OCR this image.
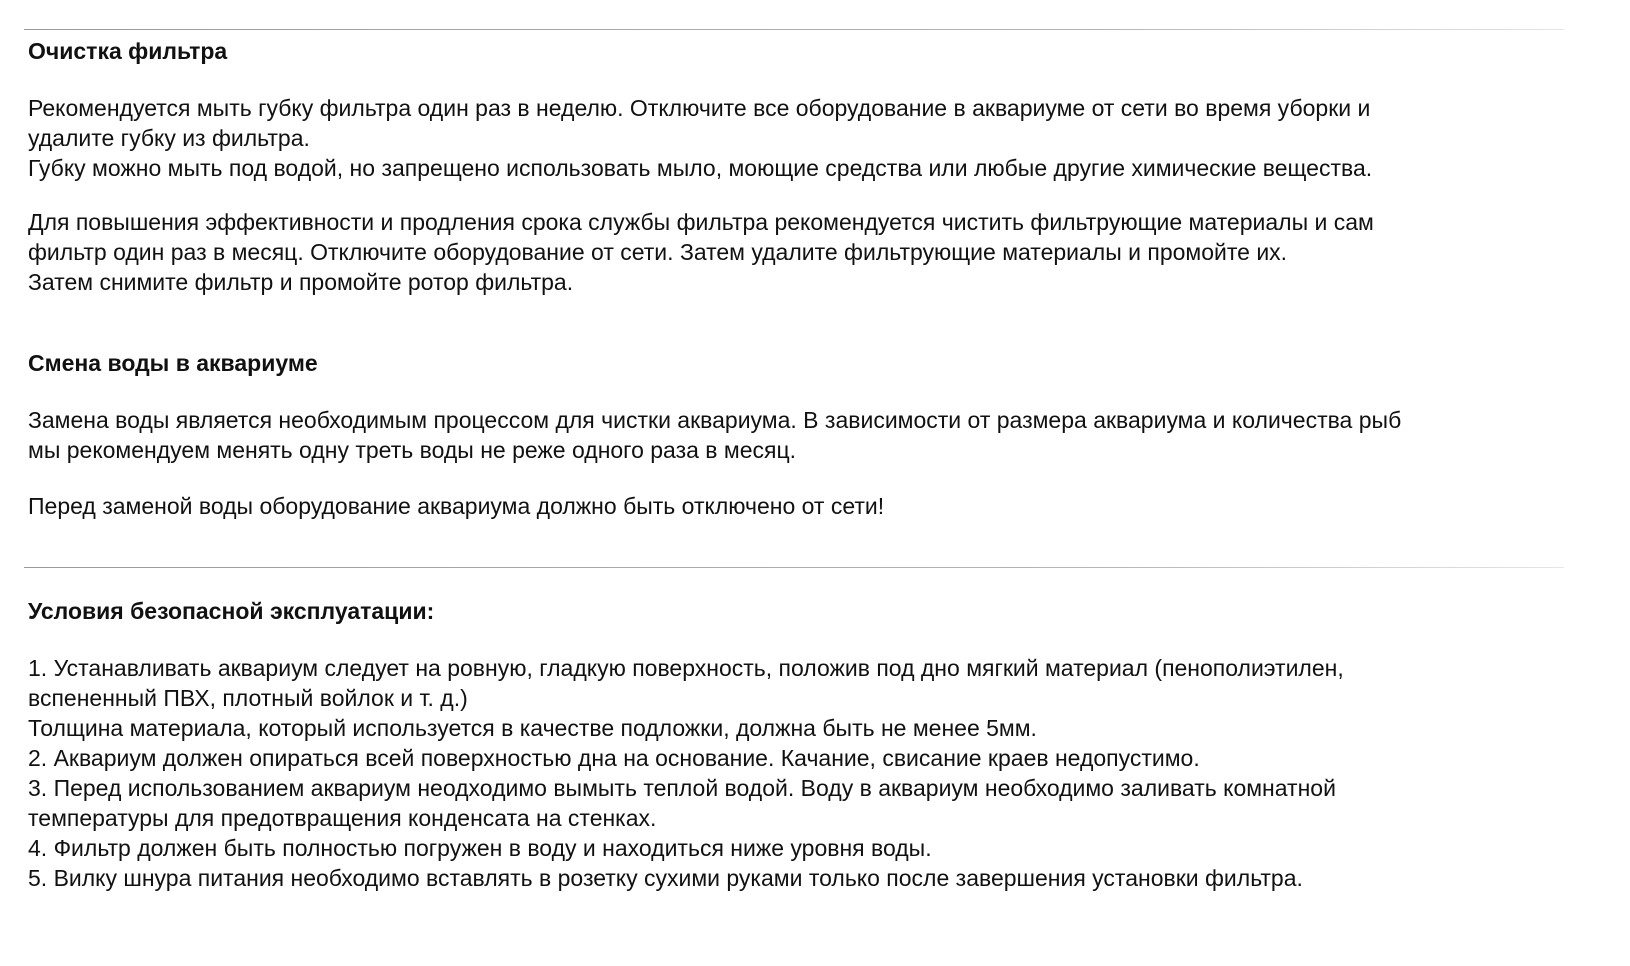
Очистка фильтра
Рекомендуется мыть губку фильтра один раз в неделю. Отключите все оборудование в аквариуме от сети во время уборки и
удалите губку из фильтра.
Губку можно мыть под водой, но запрещено использовать мыло, моющие средства или любые другие химические вещества.
Для повышения эффективности и продления срока службы фильтра рекомендуется чистить фильтрующие материалы и сам
фильтр один раз в месяц. Отключите оборудование от сети. Затем удалите фильтрующие материалы и промойте их.
Затем снимите фильтр и промойте ротор фильтра.
Смена воды в аквариуме
Замена воды является необходимым процессом для чистки аквариума. В зависимости от размера аквариума и количества рыб
мы рекомендуем менять одну треть воды не реже одного раза в месяц.
Перед заменой воды оборудование аквариума должно быть отключено от сети!
Условия безопасной эксплуатации:
1. Устанавливать аквариум следует на ровную, гладкую поверхность, положив под дно мягкий материал (пенополиэтилен,
вспененный ПВХ, плотный войлок и т. д.)
Толщина материала, который используется в качестве подложки, должна быть не менее 5мм.
2. Аквариум должен опираться всей поверхностью дна на основание. Качание, свисание краев недопустимо.
3. Перед использованием аквариум неодходимо вымыть теплой водой. Воду в аквариум необходимо заливать комнатной
температуры для предотвращения конденсата на стенках.
4. Фильтр должен быть полностью погружен в воду и находиться ниже уровня воды.
5. Вилку шнура питания необходимо вставлять в розетку сухими руками только после завершения установки фильтра.
